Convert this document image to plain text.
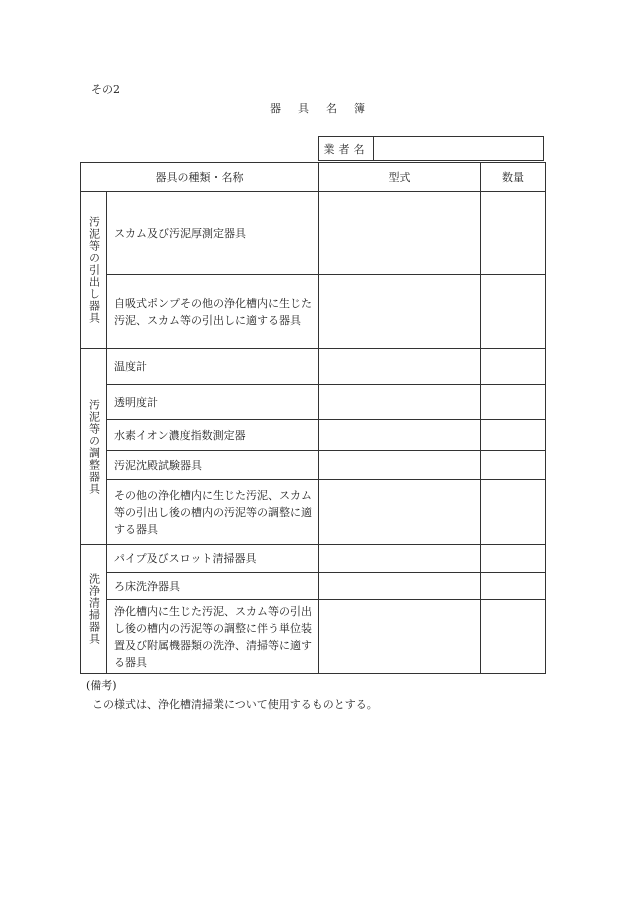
その2
器 具 名 簿
業者名
器具の種類・名称		型式	数量
汚泥等の引出し器具	スカム及び汚泥厚測定器具		
	自吸式ポンプその他の浄化槽内に生じた汚泥、スカム等の引出しに適する器具		
汚泥等の調整器具	温度計		
	透明度計		
	水素イオン濃度指数測定器		
	汚泥沈殿試験器具		
	その他の浄化槽内に生じた汚泥、スカム等の引出し後の槽内の汚泥等の調整に適する器具		
洗浄清掃器具	パイプ及びスロット清掃器具		
	ろ床洗浄器具		
	浄化槽内に生じた汚泥、スカム等の引出し後の槽内の汚泥等の調整に伴う単位装置及び附属機器類の洗浄、清掃等に適する器具		
(備考)
この様式は、浄化槽清掃業について使用するものとする。
